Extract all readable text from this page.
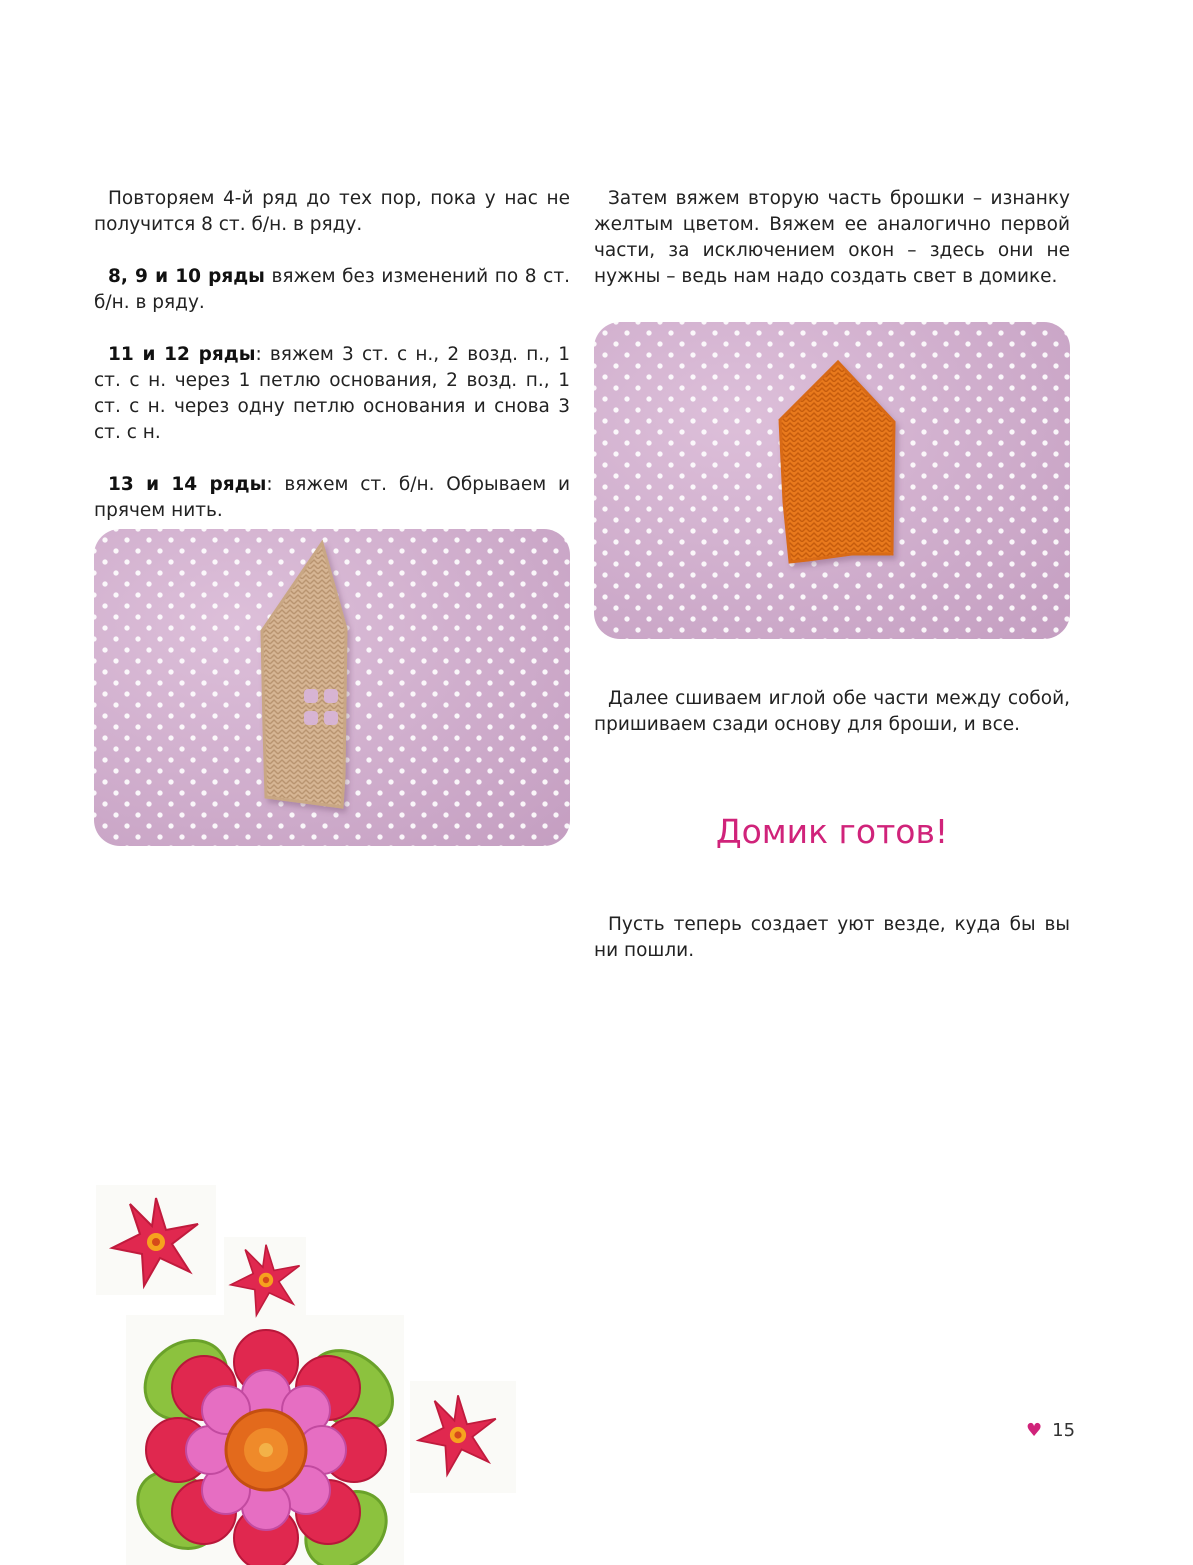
Повторяем 4-й ряд до тех пор, пока у нас не получится 8 ст. б/н. в ряду.

8, 9 и 10 ряды вяжем без изменений по 8 ст. б/н. в ряду.

11 и 12 ряды: вяжем 3 ст. с н., 2 возд. п., 1 ст. с н. через 1 петлю основания, 2 возд. п., 1 ст. с н. через одну петлю основания и снова 3 ст. с н.

13 и 14 ряды: вяжем ст. б/н. Обрываем и прячем нить.

Затем вяжем вторую часть брошки – изнанку желтым цветом. Вяжем ее аналогично первой части, за исключением окон – здесь они не нужны – ведь нам надо создать свет в домике.

Далее сшиваем иглой обе части между собой, пришиваем сзади основу для броши, и все.

Домик готов!

Пусть теперь создает уют везде, куда бы вы ни пошли.

♥ 15
